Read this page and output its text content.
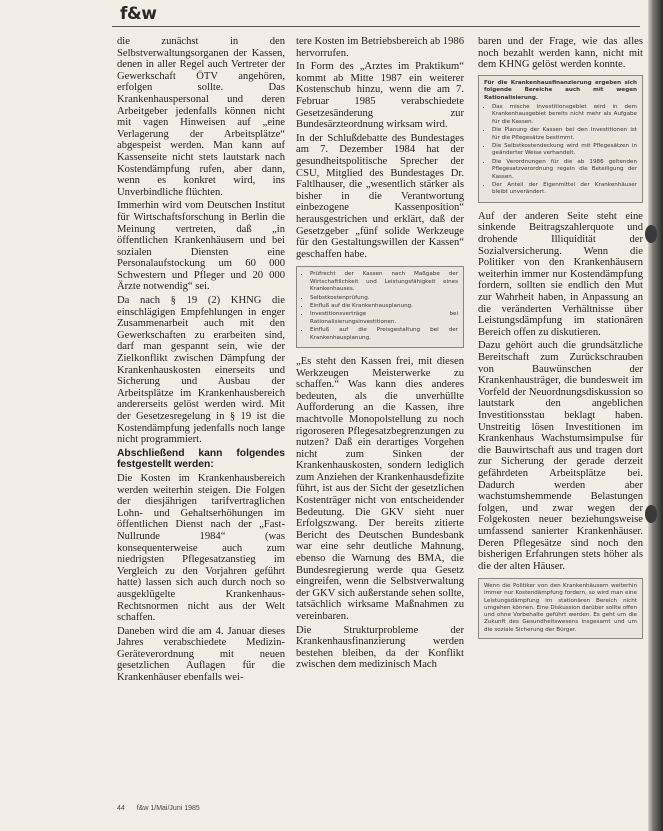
f&w

die zunächst in den Selbstverwaltungsorganen der Kassen, denen in aller Regel auch Vertreter der Gewerkschaft ÖTV angehören, erfolgen sollte. Das Krankenhauspersonal und deren Arbeitgeber jedenfalls können nicht mit vagen Hinweisen auf „eine Verlagerung der Arbeitsplätze“ abgespeist werden. Man kann auf Kassenseite nicht stets lautstark nach Kostendämpfung rufen, aber dann, wenn es konkret wird, ins Unverbindliche flüchten.

Immerhin wird vom Deutschen Institut für Wirtschaftsforschung in Berlin die Meinung vertreten, daß „in öffentlichen Krankenhäusern und bei sozialen Diensten eine Personalaufstockung um 60 000 Schwestern und Pfleger und 20 000 Ärzte notwendig“ sei.

Da nach § 19 (2) KHNG die einschlägigen Empfehlungen in enger Zusammenarbeit auch mit den Gewerkschaften zu erarbeiten sind, darf man gespannt sein, wie der Zielkonflikt zwischen Dämpfung der Krankenhauskosten einerseits und Sicherung und Ausbau der Arbeitsplätze im Krankenhausbereich andererseits gelöst werden wird. Mit der Gesetzesregelung in § 19 ist die Kostendämpfung jedenfalls noch lange nicht programmiert.

Abschließend kann folgendes festgestellt werden:

Die Kosten im Krankenhausbereich werden weiterhin steigen. Die Folgen der diesjährigen tarifvertraglichen Lohn- und Gehaltserhöhungen im öffentlichen Dienst nach der „Fast-Nullrunde 1984“ (was konsequenterweise auch zum niedrigsten Pflegesatzanstieg im Vergleich zu den Vorjahren geführt hatte) lassen sich auch durch noch so ausgeklügelte Krankenhaus-Rechtsnormen nicht aus der Welt schaffen.

Daneben wird die am 4. Januar dieses Jahres verabschiedete Medizin-Geräteverordnung mit neuen gesetzlichen Auflagen für die Krankenhäuser ebenfalls wei-

tere Kosten im Betriebsbereich ab 1986 hervorrufen.

In Form des „Arztes im Praktikum“ kommt ab Mitte 1987 ein weiterer Kostenschub hinzu, wenn die am 7. Februar 1985 verabschiedete Gesetzesänderung zur Bundesärzteordnung wirksam wird.

In der Schlußdebatte des Bundestages am 7. Dezember 1984 hat der gesundheitspolitische Sprecher der CSU, Mitglied des Bundestages Dr. Faltlhauser, die „wesentlich stärker als bisher in die Verantwortung einbezogene Kassenposition“ herausgestrichen und erklärt, daß der Gesetzgeber „fünf solide Werkzeuge für den Gestaltungswillen der Kassen“ geschaffen habe.

• Prüfrecht der Kassen nach Maßgabe der Wirtschaftlichkeit und Leistungsfähigkeit eines Krankenhauses.
• Selbstkostenprüfung.
• Einfluß auf die Krankenhausplanung.
• Investitionsverträge bei Rationalisierungsinvestitionen.
• Einfluß auf die Preisgestaltung bei der Krankenhausplanung.

„Es steht den Kassen frei, mit diesen Werkzeugen Meisterwerke zu schaffen.“ Was kann dies anderes bedeuten, als die unverhüllte Aufforderung an die Kassen, ihre machtvolle Monopolstellung zu noch rigoroseren Pflegesatzbegrenzungen zu nutzen? Daß ein derartiges Vorgehen nicht zum Sinken der Krankenhauskosten, sondern lediglich zum Anziehen der Krankenhausdefizite führt, ist aus der Sicht der gesetzlichen Kostenträger nicht von entscheidender Bedeutung. Die GKV sieht nuer Erfolgszwang. Der bereits zitierte Bericht des Deutschen Bundesbank war eine sehr deutliche Mahnung, ebenso die Warnung des BMA, die Bundesregierung werde qua Gesetz eingreifen, wenn die Selbstverwaltung der GKV sich außerstande sehen sollte, tatsächlich wirksame Maßnahmen zu vereinbaren.

Die Strukturprobleme der Krankenhausfinanzierung werden bestehen bleiben, da der Konflikt zwischen dem medizinisch Mach

baren und der Frage, wie das alles noch bezahlt werden kann, nicht mit dem KHNG gelöst werden konnte.

Für die Krankenhausfinanzierung ergeben sich folgende Bereiche auch mit wegen Rationalisierung.
• Das mische Investitionsgebiet wird in dem Krankenhausgebiet bereits nicht mehr als Aufgabe für die Kassen.
• Die Planung der Kassen bei den Investitionen ist für die Pflegesätze bestimmt.
• Die Selbstkostendeckung wird mit Pflegesätzen in geänderter Weise verhandelt.
• Die Verordnungen für die ab 1986 geltenden Pflegesatzverordnung regeln die Beteiligung der Kassen.
• Der Anteil der Eigenmittel der Krankenhäuser bleibt unverändert.

Auf der anderen Seite steht eine sinkende Beitragszahlerquote und drohende Illiquidität der Sozialversicherung. Wenn die Politiker von den Krankenhäusern weiterhin immer nur Kostendämpfung fordern, sollten sie endlich den Mut zur Wahrheit haben, in Anpassung an die veränderten Verhältnisse über Leistungsdämpfung im stationären Bereich offen zu diskutieren.

Dazu gehört auch die grundsätzliche Bereitschaft zum Zurückschrauben von Bauwünschen der Krankenhausträger, die bundesweit im Vorfeld der Neuordnungsdiskussion so lautstark den angeblichen Investitionsstau beklagt haben. Unstreitig lösen Investitionen im Krankenhaus Wachstumsimpulse für die Bauwirtschaft aus und tragen dort zur Sicherung der gerade derzeit gefährdeten Arbeitsplätze bei. Dadurch werden aber wachstumshemmende Belastungen folgen, und zwar wegen der Folgekosten neuer beziehungsweise umfassend sanierter Krankenhäuser. Deren Pflegesätze sind noch den bisherigen Erfahrungen stets höher als die der alten Häuser.

Wenn die Politiker von den Krankenhäusern weiterhin immer nur Kostendämpfung fordern, so wird man eine Leistungsdämpfung im stationären Bereich nicht umgehen können. Eine Diskussion darüber sollte offen und ohne Vorbehalte geführt werden. Es geht um die Zukunft des Gesundheitswesens insgesamt und um die soziale Sicherung der Bürger.
44 f&w 1/Mai/Juni 1985
